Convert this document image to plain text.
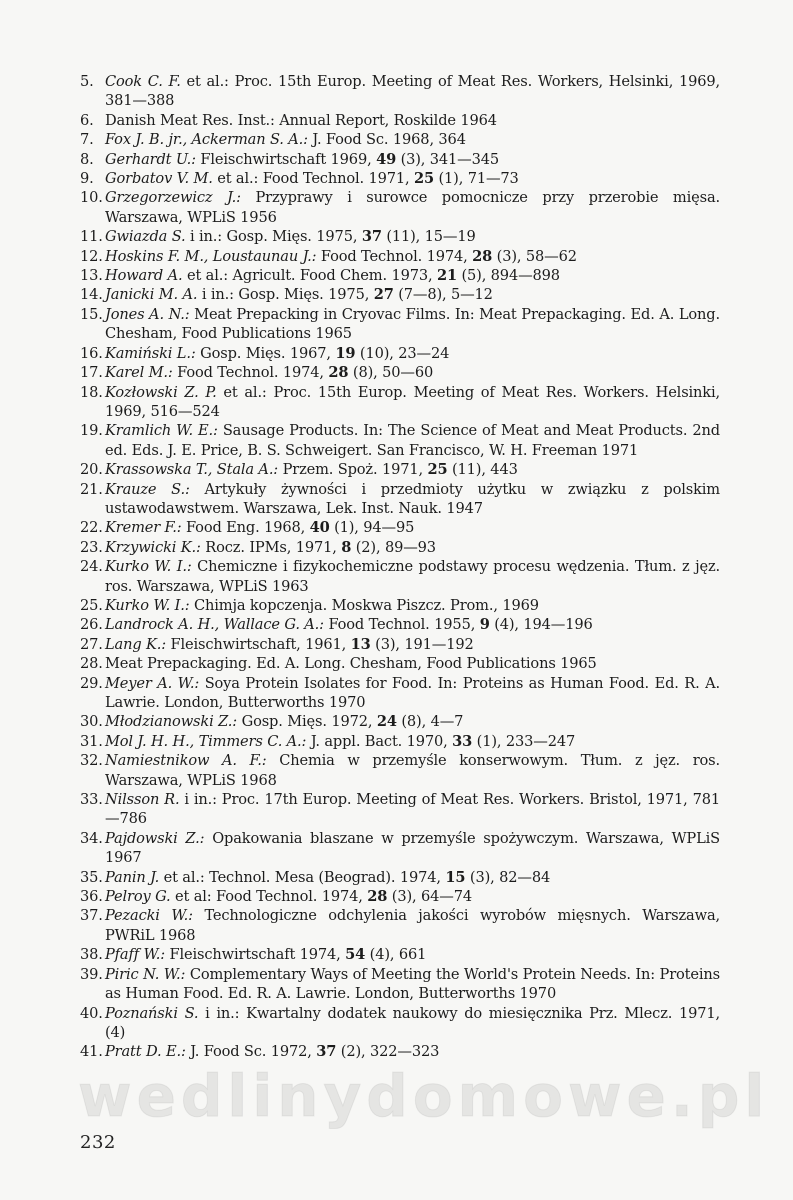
5. Cook C. F. et al.: Proc. 15th Europ. Meeting of Meat Res. Workers, Helsinki, 1969, 381—388
6. Danish Meat Res. Inst.: Annual Report, Roskilde 1964
7. Fox J. B. jr., Ackerman S. A.: J. Food Sc. 1968, 364
8. Gerhardt U.: Fleischwirtschaft 1969, 49 (3), 341—345
9. Gorbatov V. M. et al.: Food Technol. 1971, 25 (1), 71—73
10. Grzegorzewicz J.: Przyprawy i surowce pomocnicze przy przerobie mięsa. Warszawa, WPLiS 1956
11. Gwiazda S. i in.: Gosp. Mięs. 1975, 37 (11), 15—19
12. Hoskins F. M., Loustaunau J.: Food Technol. 1974, 28 (3), 58—62
13. Howard A. et al.: Agricult. Food Chem. 1973, 21 (5), 894—898
14. Janicki M. A. i in.: Gosp. Mięs. 1975, 27 (7—8), 5—12
15. Jones A. N.: Meat Prepacking in Cryovac Films. In: Meat Prepackaging. Ed. A. Long. Chesham, Food Publications 1965
16. Kamiński L.: Gosp. Mięs. 1967, 19 (10), 23—24
17. Karel M.: Food Technol. 1974, 28 (8), 50—60
18. Kozłowski Z. P. et al.: Proc. 15th Europ. Meeting of Meat Res. Workers. Helsinki, 1969, 516—524
19. Kramlich W. E.: Sausage Products. In: The Science of Meat and Meat Products. 2nd ed. Eds. J. E. Price, B. S. Schweigert. San Francisco, W. H. Freeman 1971
20. Krassowska T., Stala A.: Przem. Spoż. 1971, 25 (11), 443
21. Krauze S.: Artykuły żywności i przedmioty użytku w związku z polskim ustawodawstwem. Warszawa, Lek. Inst. Nauk. 1947
22. Kremer F.: Food Eng. 1968, 40 (1), 94—95
23. Krzywicki K.: Rocz. IPMs, 1971, 8 (2), 89—93
24. Kurko W. I.: Chemiczne i fizykochemiczne podstawy procesu wędzenia. Tłum. z jęz. ros. Warszawa, WPLiS 1963
25. Kurko W. I.: Chimja kopczenja. Moskwa Piszcz. Prom., 1969
26. Landrock A. H., Wallace G. A.: Food Technol. 1955, 9 (4), 194—196
27. Lang K.: Fleischwirtschaft, 1961, 13 (3), 191—192
28. Meat Prepackaging. Ed. A. Long. Chesham, Food Publications 1965
29. Meyer A. W.: Soya Protein Isolates for Food. In: Proteins as Human Food. Ed. R. A. Lawrie. London, Butterworths 1970
30. Młodzianowski Z.: Gosp. Mięs. 1972, 24 (8), 4—7
31. Mol J. H. H., Timmers C. A.: J. appl. Bact. 1970, 33 (1), 233—247
32. Namiestnikow A. F.: Chemia w przemyśle konserwowym. Tłum. z jęz. ros. Warszawa, WPLiS 1968
33. Nilsson R. i in.: Proc. 17th Europ. Meeting of Meat Res. Workers. Bristol, 1971, 781—786
34. Pajdowski Z.: Opakowania blaszane w przemyśle spożywczym. Warszawa, WPLiS 1967
35. Panin J. et al.: Technol. Mesa (Beograd). 1974, 15 (3), 82—84
36. Pelroy G. et al: Food Technol. 1974, 28 (3), 64—74
37. Pezacki W.: Technologiczne odchylenia jakości wyrobów mięsnych. Warszawa, PWRiL 1968
38. Pfaff W.: Fleischwirtschaft 1974, 54 (4), 661
39. Piric N. W.: Complementary Ways of Meeting the World's Protein Needs. In: Proteins as Human Food. Ed. R. A. Lawrie. London, Butterworths 1970
40. Poznański S. i in.: Kwartalny dodatek naukowy do miesięcznika Prz. Mlecz. 1971, (4)
41. Pratt D. E.: J. Food Sc. 1972, 37 (2), 322—323
wedlinydomowe.pl
232
